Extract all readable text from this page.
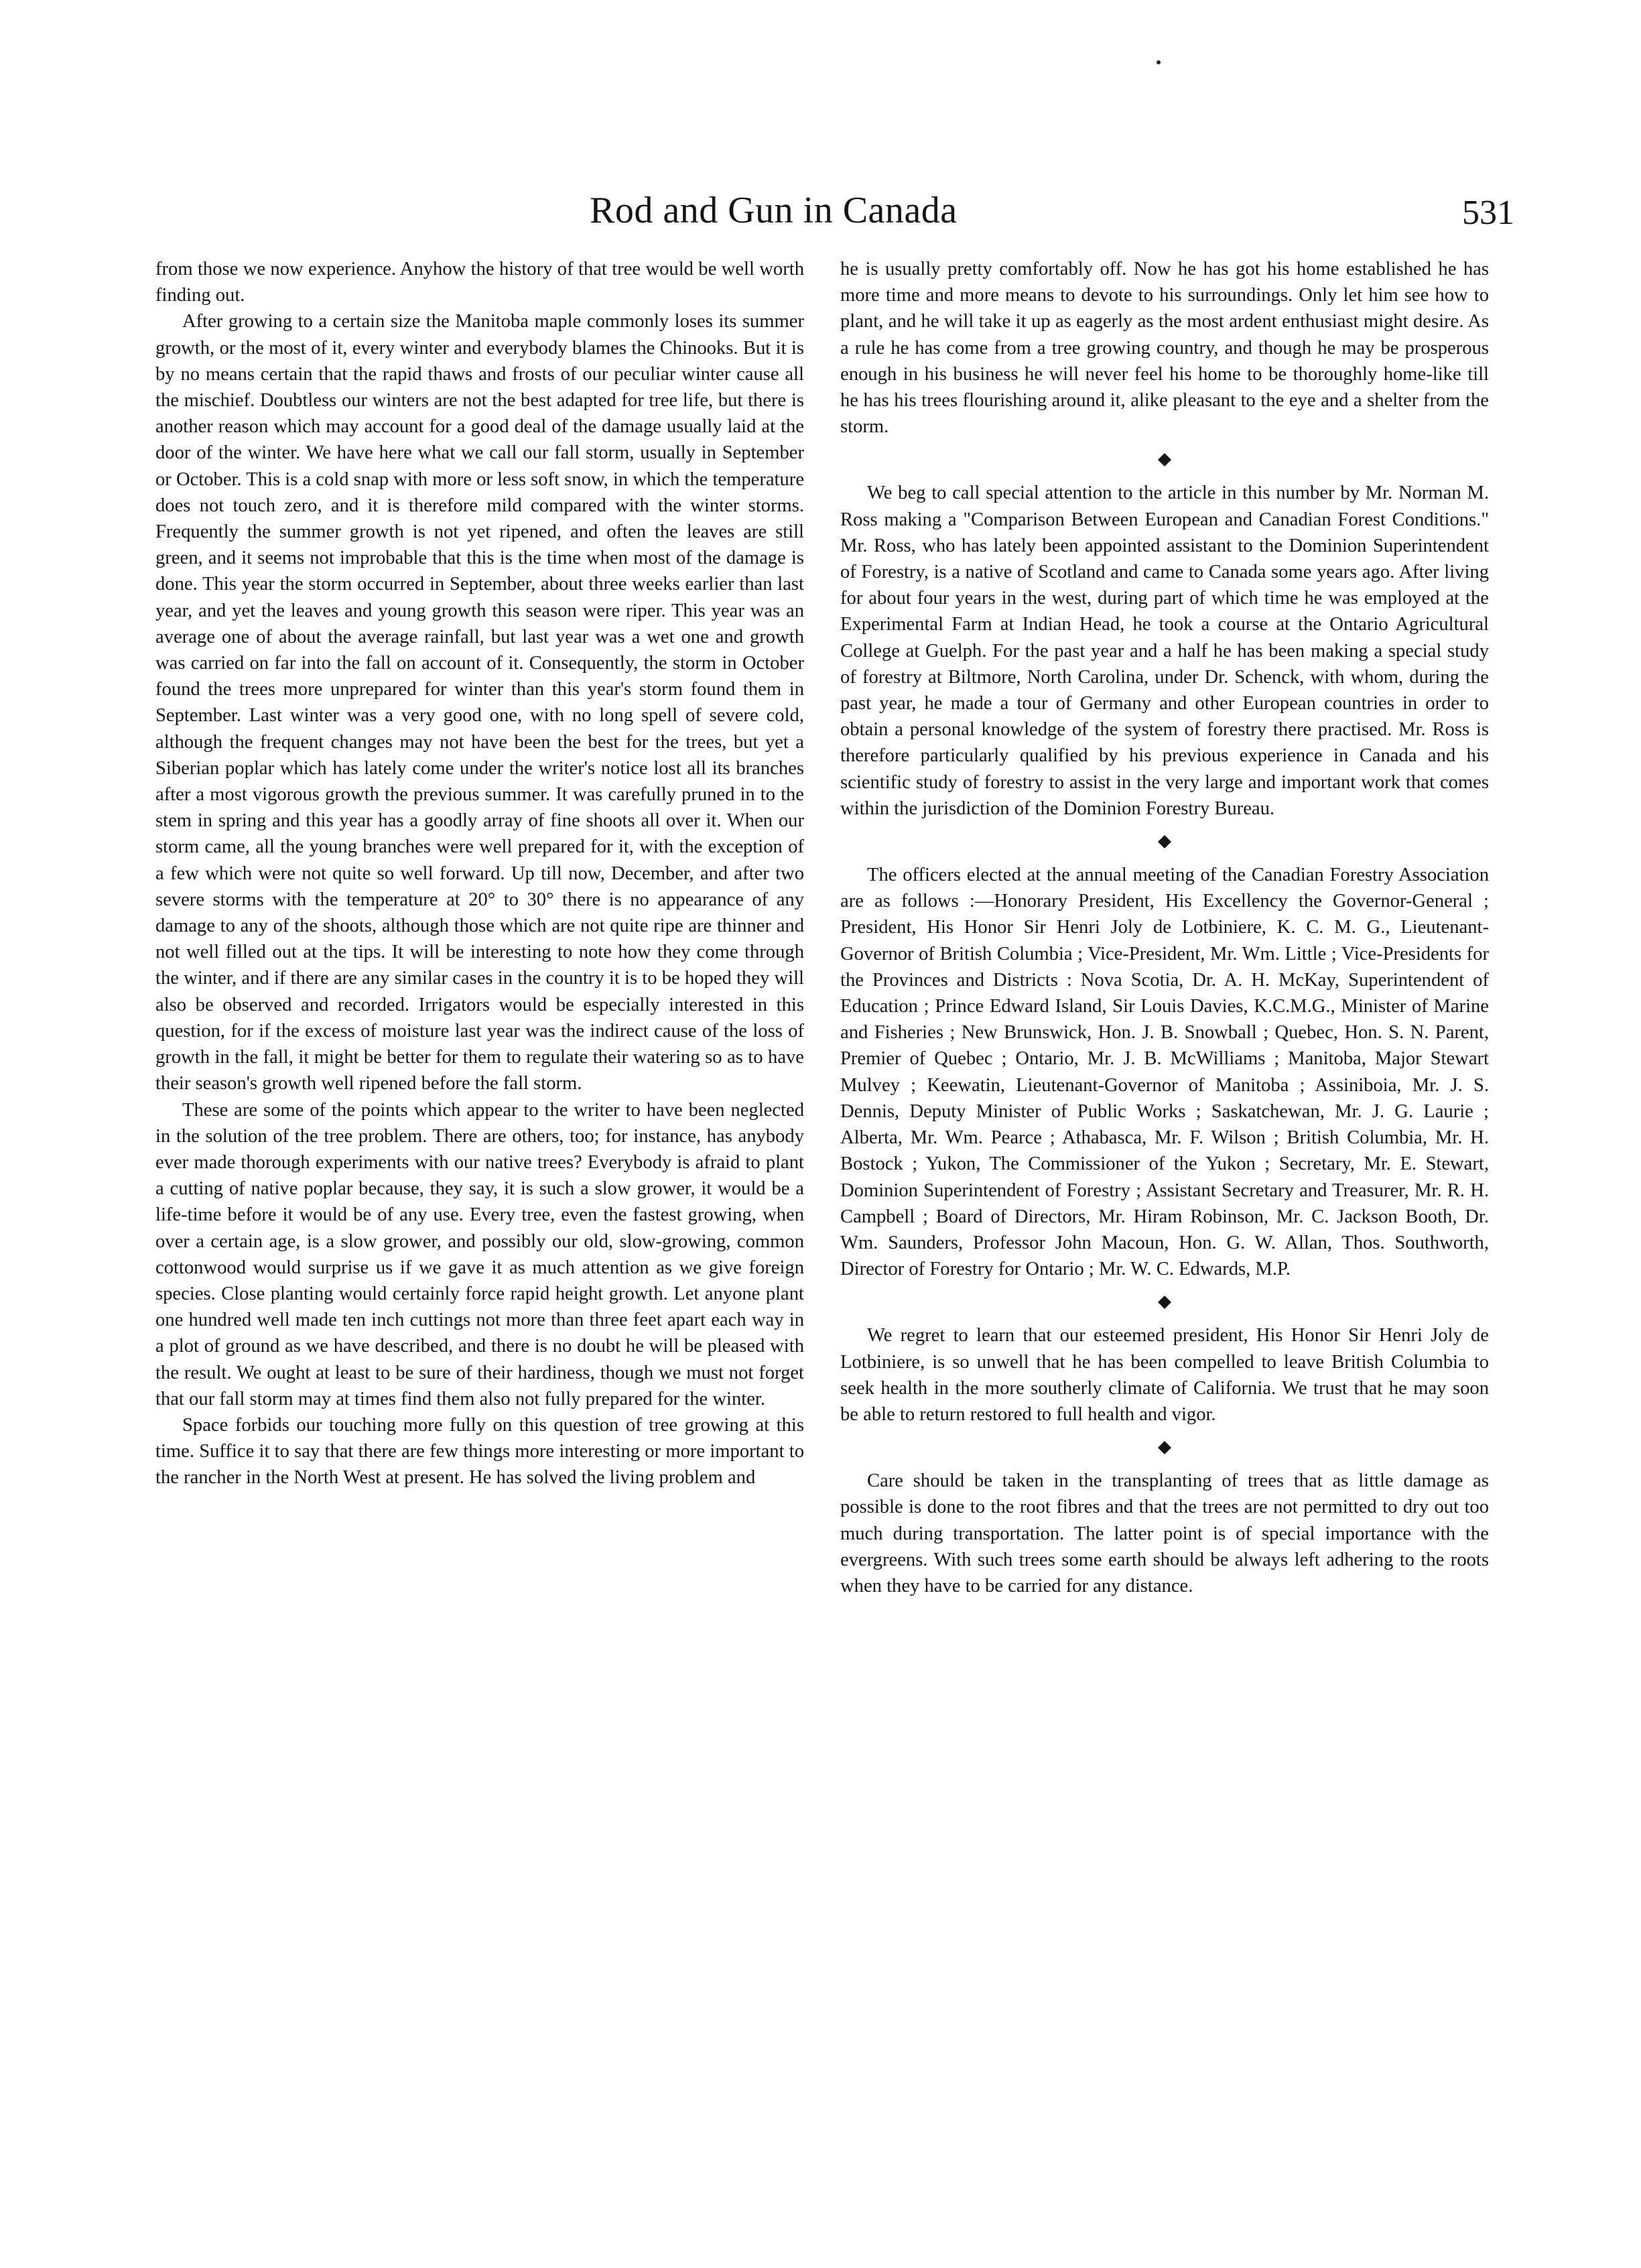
Rod and Gun in Canada	531

from those we now experience. Anyhow the history of that tree would be well worth finding out.

After growing to a certain size the Manitoba maple commonly loses its summer growth, or the most of it, every winter and everybody blames the Chinooks. But it is by no means certain that the rapid thaws and frosts of our peculiar winter cause all the mischief. Doubtless our winters are not the best adapted for tree life, but there is another reason which may account for a good deal of the damage usually laid at the door of the winter. We have here what we call our fall storm, usually in September or October. This is a cold snap with more or less soft snow, in which the temperature does not touch zero, and it is therefore mild compared with the winter storms. Frequently the summer growth is not yet ripened, and often the leaves are still green, and it seems not improbable that this is the time when most of the damage is done. This year the storm occurred in September, about three weeks earlier than last year, and yet the leaves and young growth this season were riper. This year was an average one of about the average rainfall, but last year was a wet one and growth was carried on far into the fall on account of it. Consequently, the storm in October found the trees more unprepared for winter than this year's storm found them in September. Last winter was a very good one, with no long spell of severe cold, although the frequent changes may not have been the best for the trees, but yet a Siberian poplar which has lately come under the writer's notice lost all its branches after a most vigorous growth the previous summer. It was carefully pruned in to the stem in spring and this year has a goodly array of fine shoots all over it. When our storm came, all the young branches were well prepared for it, with the exception of a few which were not quite so well forward. Up till now, December, and after two severe storms with the temperature at 20° to 30° there is no appearance of any damage to any of the shoots, although those which are not quite ripe are thinner and not well filled out at the tips. It will be interesting to note how they come through the winter, and if there are any similar cases in the country it is to be hoped they will also be observed and recorded. Irrigators would be especially interested in this question, for if the excess of moisture last year was the indirect cause of the loss of growth in the fall, it might be better for them to regulate their watering so as to have their season's growth well ripened before the fall storm.

These are some of the points which appear to the writer to have been neglected in the solution of the tree problem. There are others, too; for instance, has anybody ever made thorough experiments with our native trees? Everybody is afraid to plant a cutting of native poplar because, they say, it is such a slow grower, it would be a life-time before it would be of any use. Every tree, even the fastest growing, when over a certain age, is a slow grower, and possibly our old, slow-growing, common cottonwood would surprise us if we gave it as much attention as we give foreign species. Close planting would certainly force rapid height growth. Let anyone plant one hundred well made ten inch cuttings not more than three feet apart each way in a plot of ground as we have described, and there is no doubt he will be pleased with the result. We ought at least to be sure of their hardiness, though we must not forget that our fall storm may at times find them also not fully prepared for the winter.

Space forbids our touching more fully on this question of tree growing at this time. Suffice it to say that there are few things more interesting or more important to the rancher in the North West at present. He has solved the living problem and

he is usually pretty comfortably off. Now he has got his home established he has more time and more means to devote to his surroundings. Only let him see how to plant, and he will take it up as eagerly as the most ardent enthusiast might desire. As a rule he has come from a tree growing country, and though he may be prosperous enough in his business he will never feel his home to be thoroughly home-like till he has his trees flourishing around it, alike pleasant to the eye and a shelter from the storm.

We beg to call special attention to the article in this number by Mr. Norman M. Ross making a "Comparison Between European and Canadian Forest Conditions." Mr. Ross, who has lately been appointed assistant to the Dominion Superintendent of Forestry, is a native of Scotland and came to Canada some years ago. After living for about four years in the west, during part of which time he was employed at the Experimental Farm at Indian Head, he took a course at the Ontario Agricultural College at Guelph. For the past year and a half he has been making a special study of forestry at Biltmore, North Carolina, under Dr. Schenck, with whom, during the past year, he made a tour of Germany and other European countries in order to obtain a personal knowledge of the system of forestry there practised. Mr. Ross is therefore particularly qualified by his previous experience in Canada and his scientific study of forestry to assist in the very large and important work that comes within the jurisdiction of the Dominion Forestry Bureau.

The officers elected at the annual meeting of the Canadian Forestry Association are as follows :—Honorary President, His Excellency the Governor-General ; President, His Honor Sir Henri Joly de Lotbiniere, K. C. M. G., Lieutenant-Governor of British Columbia ; Vice-President, Mr. Wm. Little ; Vice-Presidents for the Provinces and Districts : Nova Scotia, Dr. A. H. McKay, Superintendent of Education ; Prince Edward Island, Sir Louis Davies, K.C.M.G., Minister of Marine and Fisheries ; New Brunswick, Hon. J. B. Snowball ; Quebec, Hon. S. N. Parent, Premier of Quebec ; Ontario, Mr. J. B. McWilliams ; Manitoba, Major Stewart Mulvey ; Keewatin, Lieutenant-Governor of Manitoba ; Assiniboia, Mr. J. S. Dennis, Deputy Minister of Public Works ; Saskatchewan, Mr. J. G. Laurie ; Alberta, Mr. Wm. Pearce ; Athabasca, Mr. F. Wilson ; British Columbia, Mr. H. Bostock ; Yukon, The Commissioner of the Yukon ; Secretary, Mr. E. Stewart, Dominion Superintendent of Forestry ; Assistant Secretary and Treasurer, Mr. R. H. Campbell ; Board of Directors, Mr. Hiram Robinson, Mr. C. Jackson Booth, Dr. Wm. Saunders, Professor John Macoun, Hon. G. W. Allan, Thos. Southworth, Director of Forestry for Ontario ; Mr. W. C. Edwards, M.P.

We regret to learn that our esteemed president, His Honor Sir Henri Joly de Lotbiniere, is so unwell that he has been compelled to leave British Columbia to seek health in the more southerly climate of California. We trust that he may soon be able to return restored to full health and vigor.

Care should be taken in the transplanting of trees that as little damage as possible is done to the root fibres and that the trees are not permitted to dry out too much during transportation. The latter point is of special importance with the evergreens. With such trees some earth should be always left adhering to the roots when they have to be carried for any distance.
